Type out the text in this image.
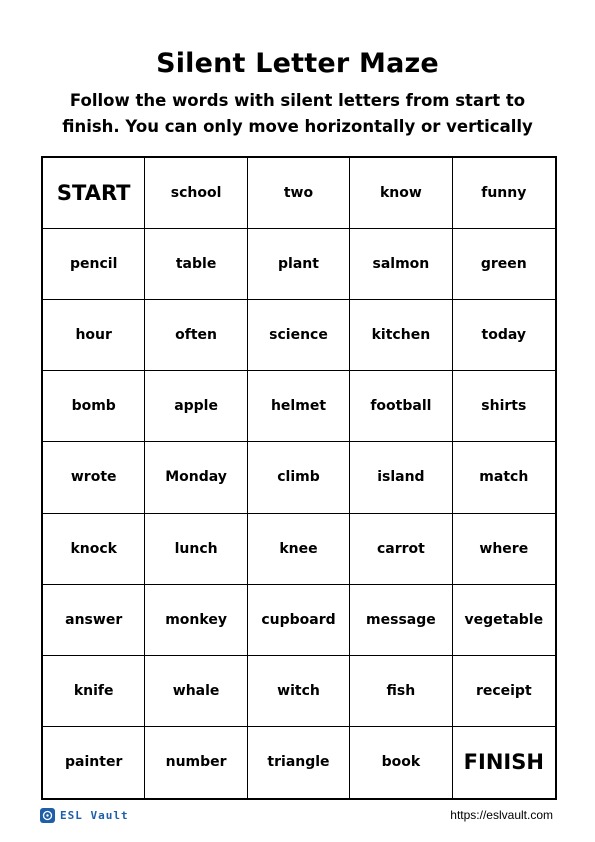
Silent Letter Maze
Follow the words with silent letters from start to
finish. You can only move horizontally or vertically
START	school	two	know	funny
pencil	table	plant	salmon	green
hour	often	science	kitchen	today
bomb	apple	helmet	football	shirts
wrote	Monday	climb	island	match
knock	lunch	knee	carrot	where
answer	monkey	cupboard	message	vegetable
knife	whale	witch	fish	receipt
painter	number	triangle	book	FINISH
ESL Vault	https://eslvault.com
